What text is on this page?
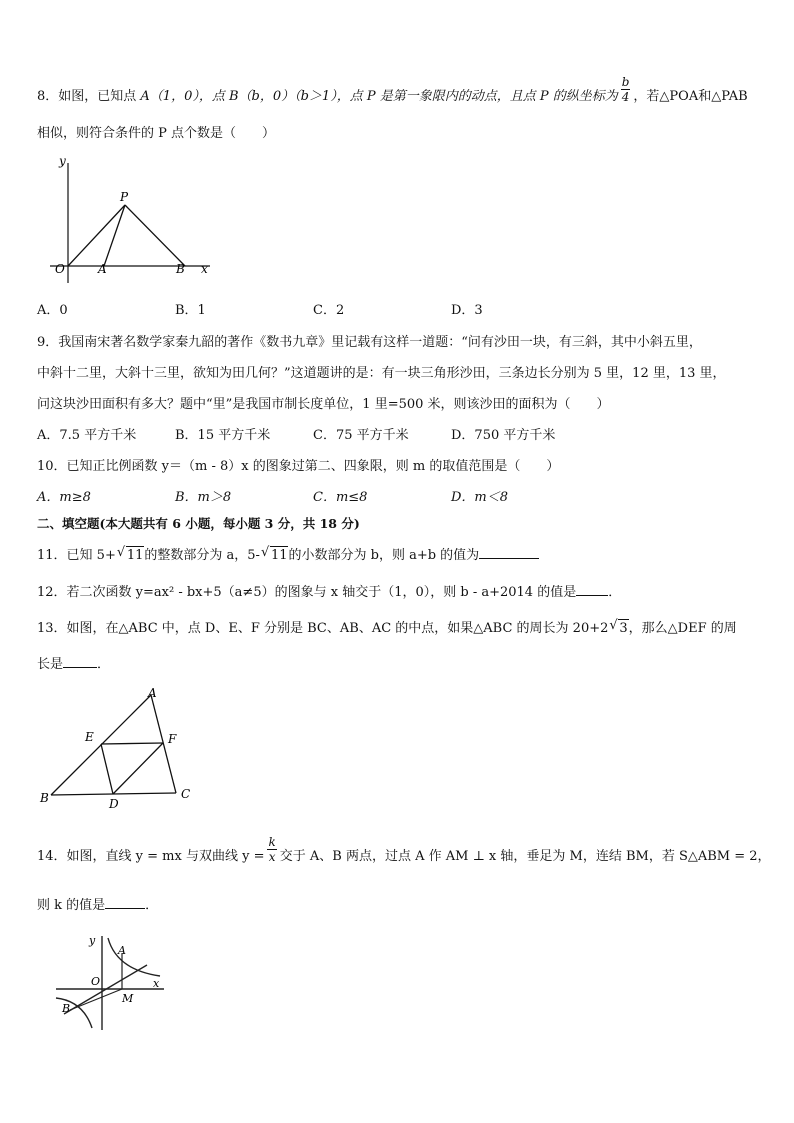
8．如图，已知点 A（1，0），点 B（b，0）（b＞1），点 P 是第一象限内的动点，且点 P 的纵坐标为 $\frac{b}{4}$ ，若△POA和△PAB
相似，则符合条件的 P 点个数是（　　）
y
x
O	A	B
P
A．0	B．1	C．2	D．3
9．我国南宋著名数学家秦九韶的著作《数书九章》里记载有这样一道题：“问有沙田一块，有三斜，其中小斜五里，
中斜十二里，大斜十三里，欲知为田几何？”这道题讲的是：有一块三角形沙田，三条边长分别为 5 里，12 里，13 里，
问这块沙田面积有多大？题中“里”是我国市制长度单位，1 里=500 米，则该沙田的面积为（　　）
A．7.5 平方千米	B．15 平方千米	C．75 平方千米	D．750 平方千米
10．已知正比例函数 y＝（m - 8）x 的图象过第二、四象限，则 m 的取值范围是（　　）
A．m≥8	B．m＞8	C．m≤8	D．m＜8
二、填空题(本大题共有 6 小题，每小题 3 分，共 18 分)
11．已知 5+ √ 11的整数部分为 a，5- √ 11的小数部分为 b，则 a+b 的值为
12．若二次函数 y=ax² - bx+5（a≠5）的图象与 x 轴交于（1，0），则 b - a+2014 的值是 ．
13．如图，在△ABC 中，点 D、E、F 分别是 BC、AB、AC 的中点，如果△ABC 的周长为 20+2 √ 3，那么△DEF 的周
长是	．
A
B	C
D
E	F
14．如图，直线 y = mx 与双曲线 $y = \frac{k}{x}$ 交于 A、B 两点，过点 A 作 AM ⊥ x 轴，垂足为 M，连结 BM，若 S△ABM = 2，
则 k 的值是	．
y
x
O
A
B
M
